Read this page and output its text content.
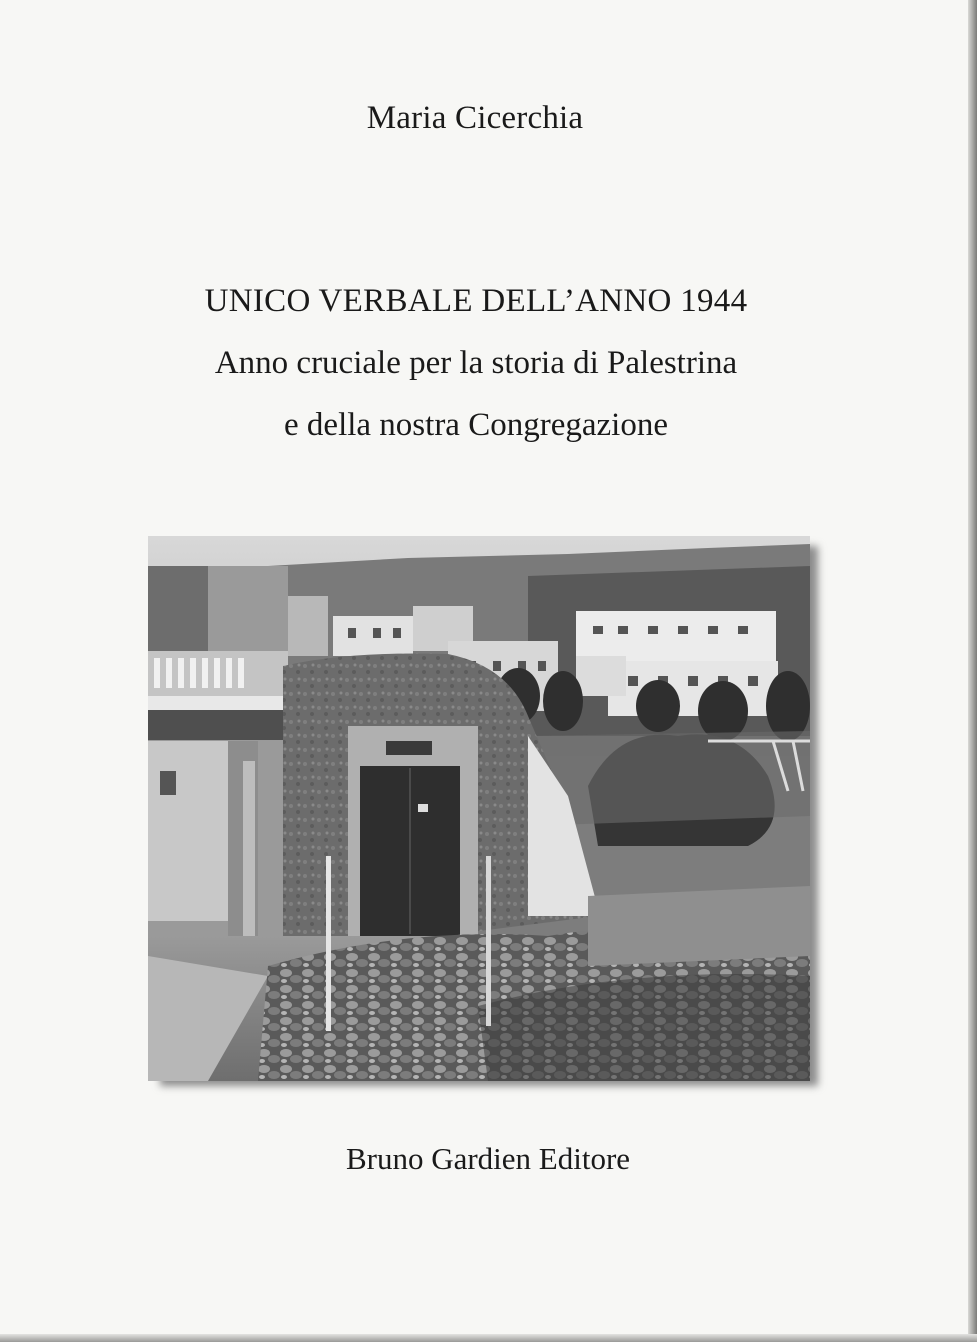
Maria Cicerchia
UNICO VERBALE DELL’ANNO 1944
Anno cruciale per la storia di Palestrina
e della nostra Congregazione
Bruno Gardien Editore
